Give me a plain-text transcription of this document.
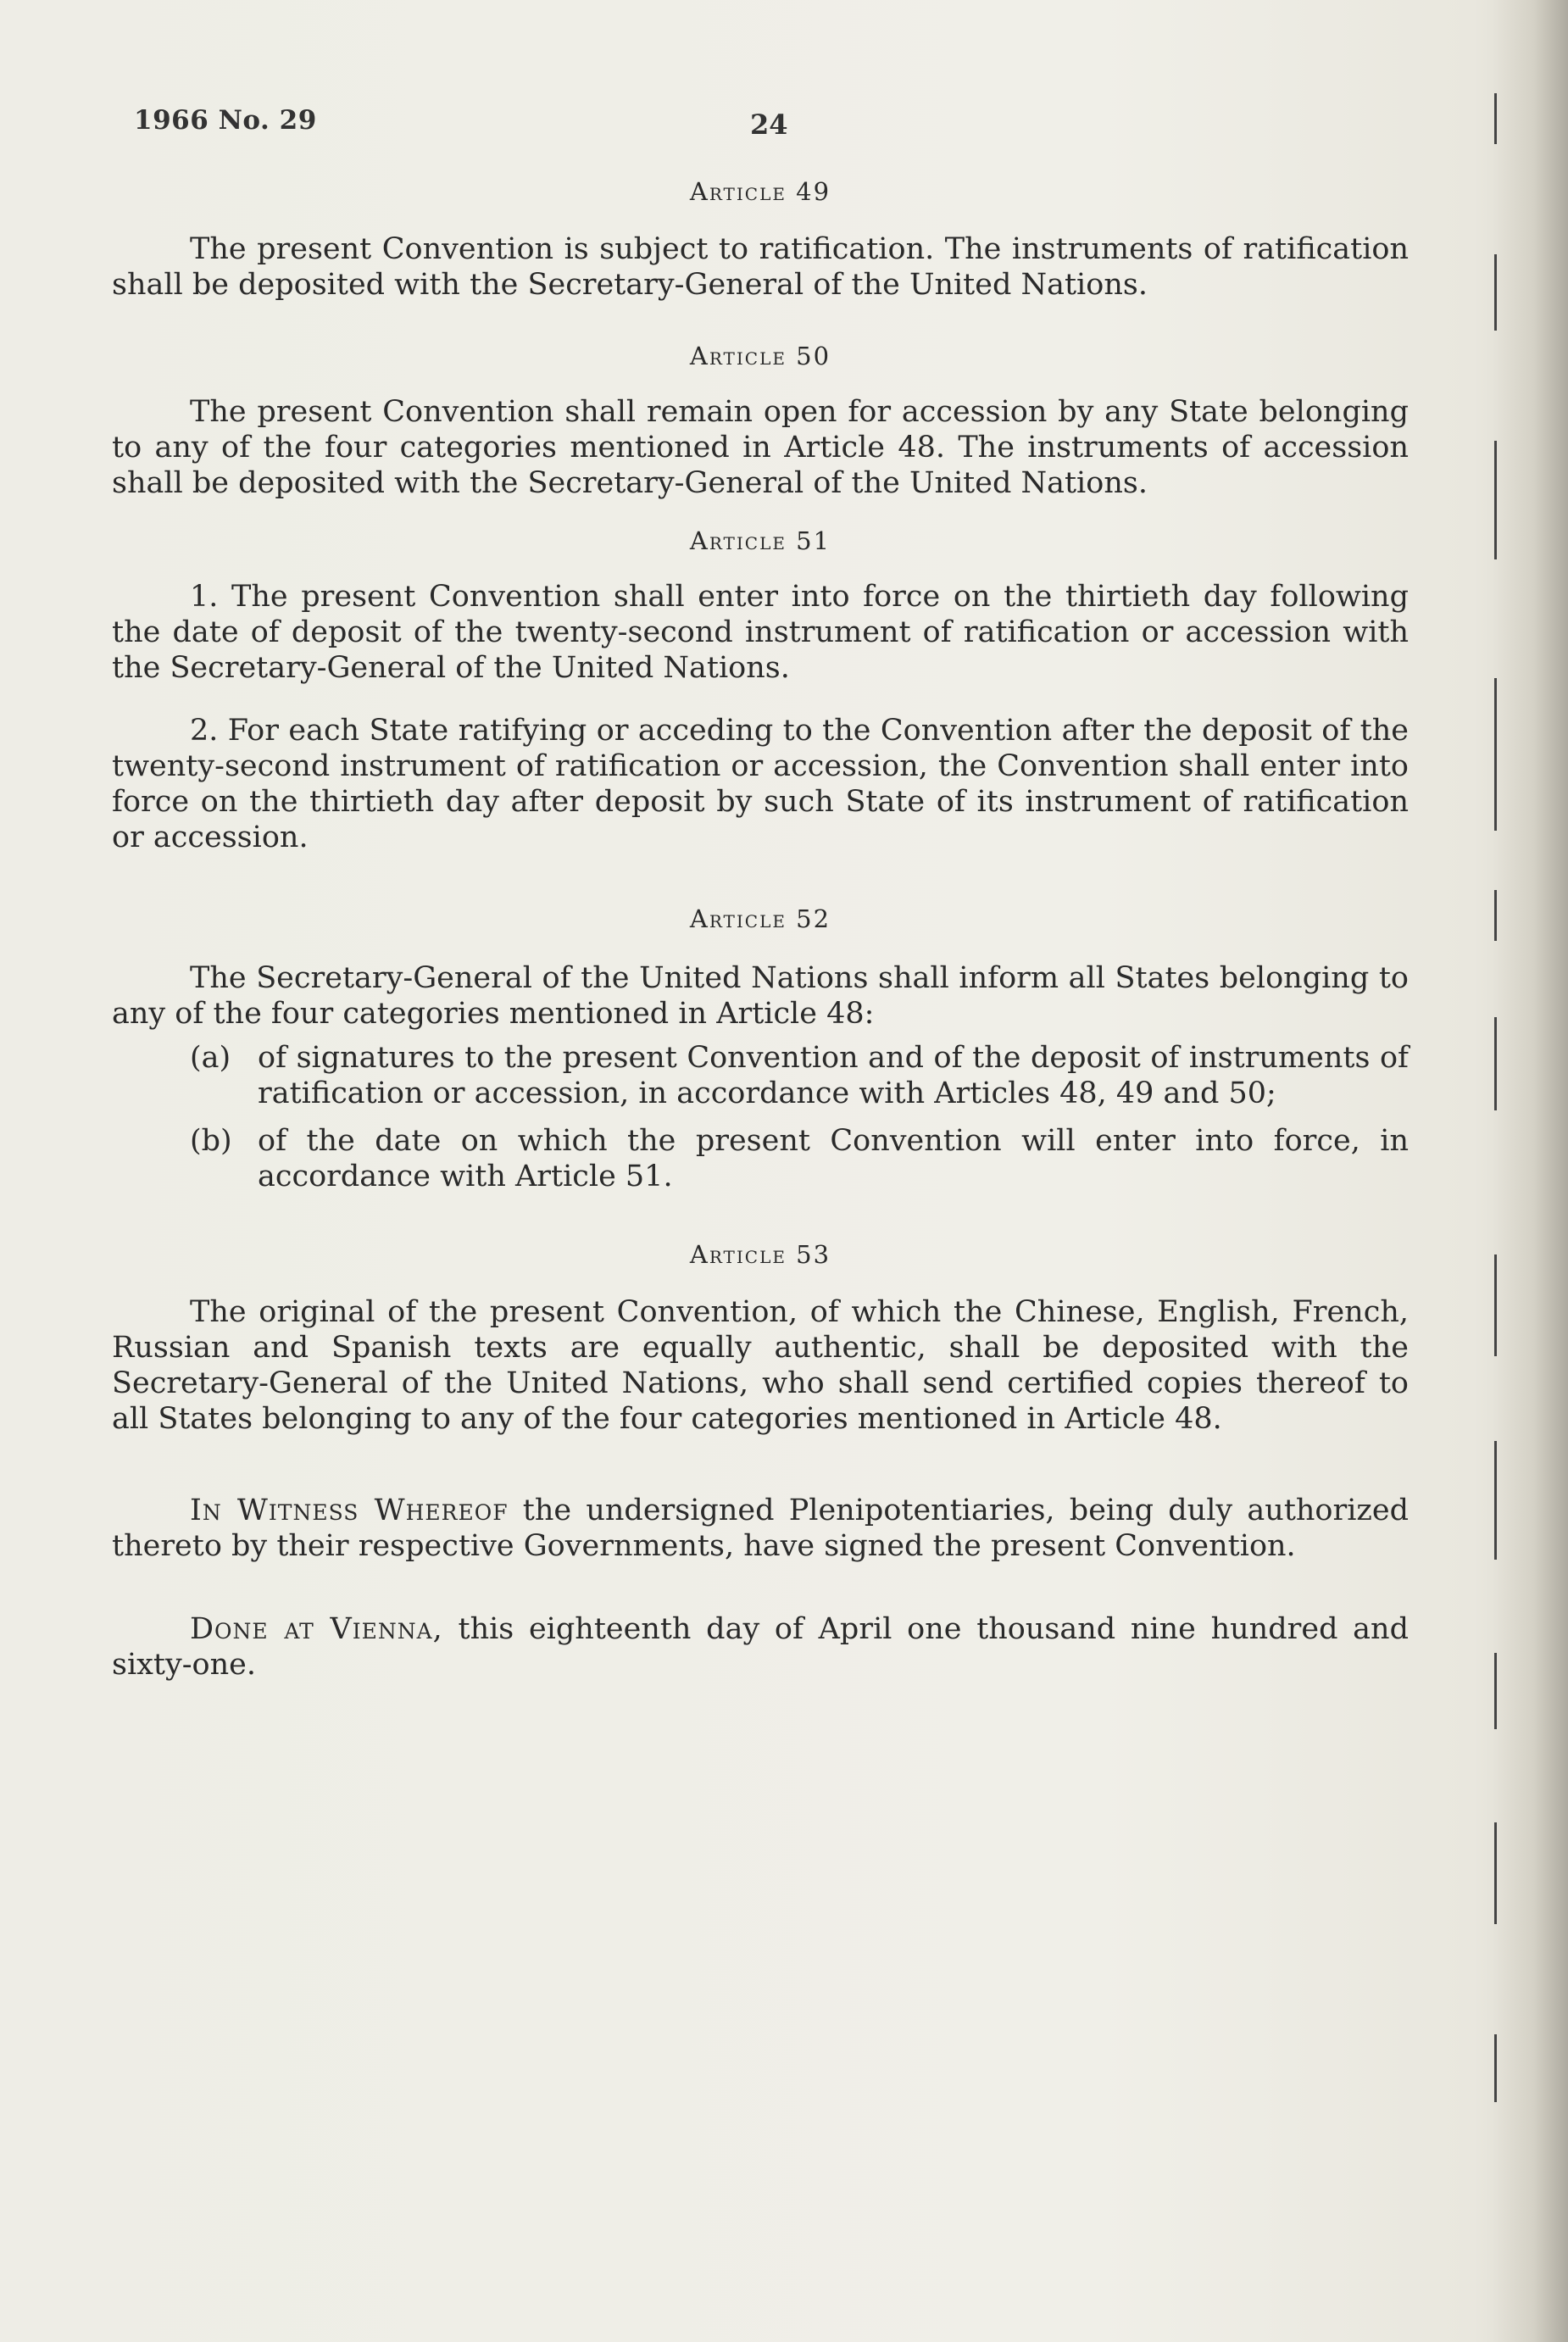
1966 No. 29	24
Article 49

The present Convention is subject to ratification. The instruments of ratification shall be deposited with the Secretary-General of the United Nations.

Article 50

The present Convention shall remain open for accession by any State belonging to any of the four categories mentioned in Article 48. The instruments of accession shall be deposited with the Secretary-General of the United Nations.

Article 51

1. The present Convention shall enter into force on the thirtieth day following the date of deposit of the twenty-second instrument of ratification or accession with the Secretary-General of the United Nations.

2. For each State ratifying or acceding to the Convention after the deposit of the twenty-second instrument of ratification or accession, the Convention shall enter into force on the thirtieth day after deposit by such State of its instrument of ratification or accession.

Article 52

The Secretary-General of the United Nations shall inform all States belonging to any of the four categories mentioned in Article 48:

(a) of signatures to the present Convention and of the deposit of instruments of ratification or accession, in accordance with Articles 48, 49 and 50;
(b) of the date on which the present Convention will enter into force, in accordance with Article 51.
Article 53

The original of the present Convention, of which the Chinese, English, French, Russian and Spanish texts are equally authentic, shall be deposited with the Secretary-General of the United Nations, who shall send certified copies thereof to all States belonging to any of the four categories mentioned in Article 48.

In Witness Whereof the undersigned Plenipotentiaries, being duly authorized thereto by their respective Governments, have signed the present Convention.

Done at Vienna, this eighteenth day of April one thousand nine hundred and sixty-one.
